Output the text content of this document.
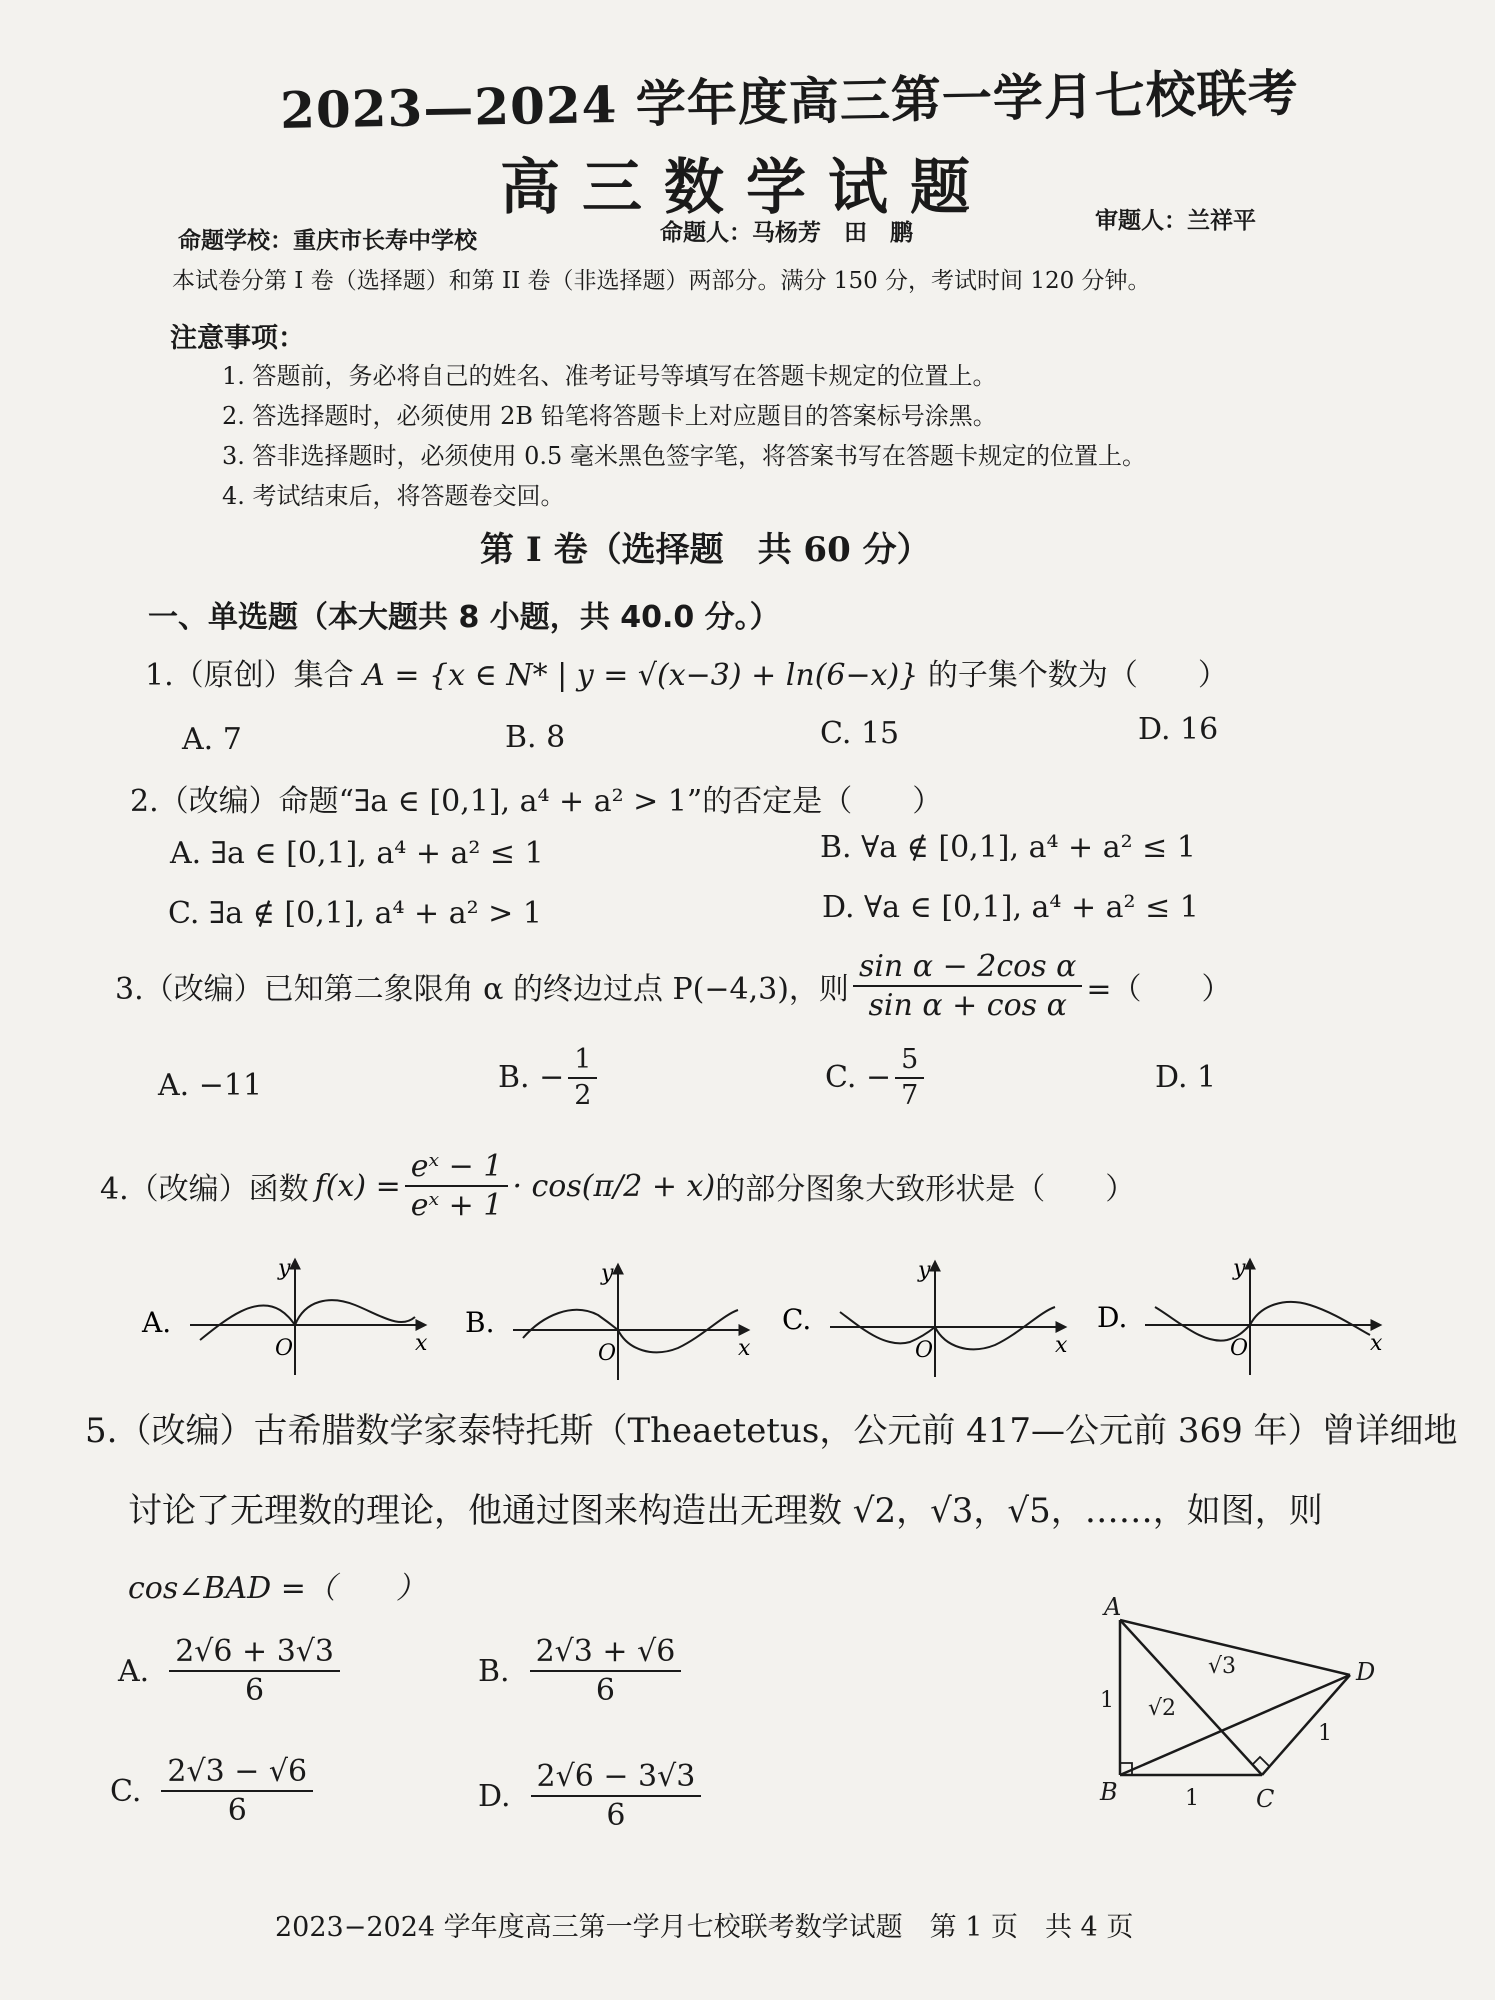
2023—2024 学年度高三第一学月七校联考
高三数学试题
命题学校：重庆市长寿中学校	命题人：马杨芳　田　鹏	审题人：兰祥平
本试卷分第 I 卷（选择题）和第 II 卷（非选择题）两部分。满分 150 分，考试时间 120 分钟。
注意事项：
1. 答题前，务必将自己的姓名、准考证号等填写在答题卡规定的位置上。
2. 答选择题时，必须使用 2B 铅笔将答题卡上对应题目的答案标号涂黑。
3. 答非选择题时，必须使用 0.5 毫米黑色签字笔，将答案书写在答题卡规定的位置上。
4. 考试结束后，将答题卷交回。
第 I 卷（选择题　共 60 分）
一、单选题（本大题共 8 小题，共 40.0 分。）
1.（原创）集合 A = {x ∈ N* | y = √(x−3) + ln(6−x)} 的子集个数为（　　）
A. 7	B. 8	C. 15	D. 16
2.（改编）命题“∃a ∈ [0,1], a⁴ + a² > 1”的否定是（　　）
A. ∃a ∈ [0,1], a⁴ + a² ≤ 1	B. ∀a ∉ [0,1], a⁴ + a² ≤ 1
C. ∃a ∉ [0,1], a⁴ + a² > 1	D. ∀a ∈ [0,1], a⁴ + a² ≤ 1
3.（改编）已知第二象限角 α 的终边过点 P(−4,3)，则 $\frac{\text{sin α − 2cos α}}{\text{sin α + cos α}}$ =（　　）
A. −11	B. − $\frac{1}{2}$	C. − $\frac{5}{7}$	D. 1
4.（改编）函数 $f(x) = \frac{\text{eˣ − 1}}{\text{eˣ + 1}} \cdot \cos(\pi/2 + x)$ 的部分图象大致形状是（　　）
A.
O	x
y
B.
O	x
y
C.
O	x
y
D.
O	x
y
5.（改编）古希腊数学家泰特托斯（Theaetetus，公元前 417—公元前 369 年）曾详细地
讨论了无理数的理论，他通过图来构造出无理数 √2，√3，√5，……，如图，则
cos∠BAD =（　　）
A. $\frac{2√6 + 3√3}{6}$	B. $\frac{2√3 + √6}{6}$
C. $\frac{2√3 - √6}{6}$	D. $\frac{2√6 - 3√3}{6}$
A
B	C
D
1
1
1
√2
√3
2023−2024 学年度高三第一学月七校联考数学试题　第 1 页　共 4 页
